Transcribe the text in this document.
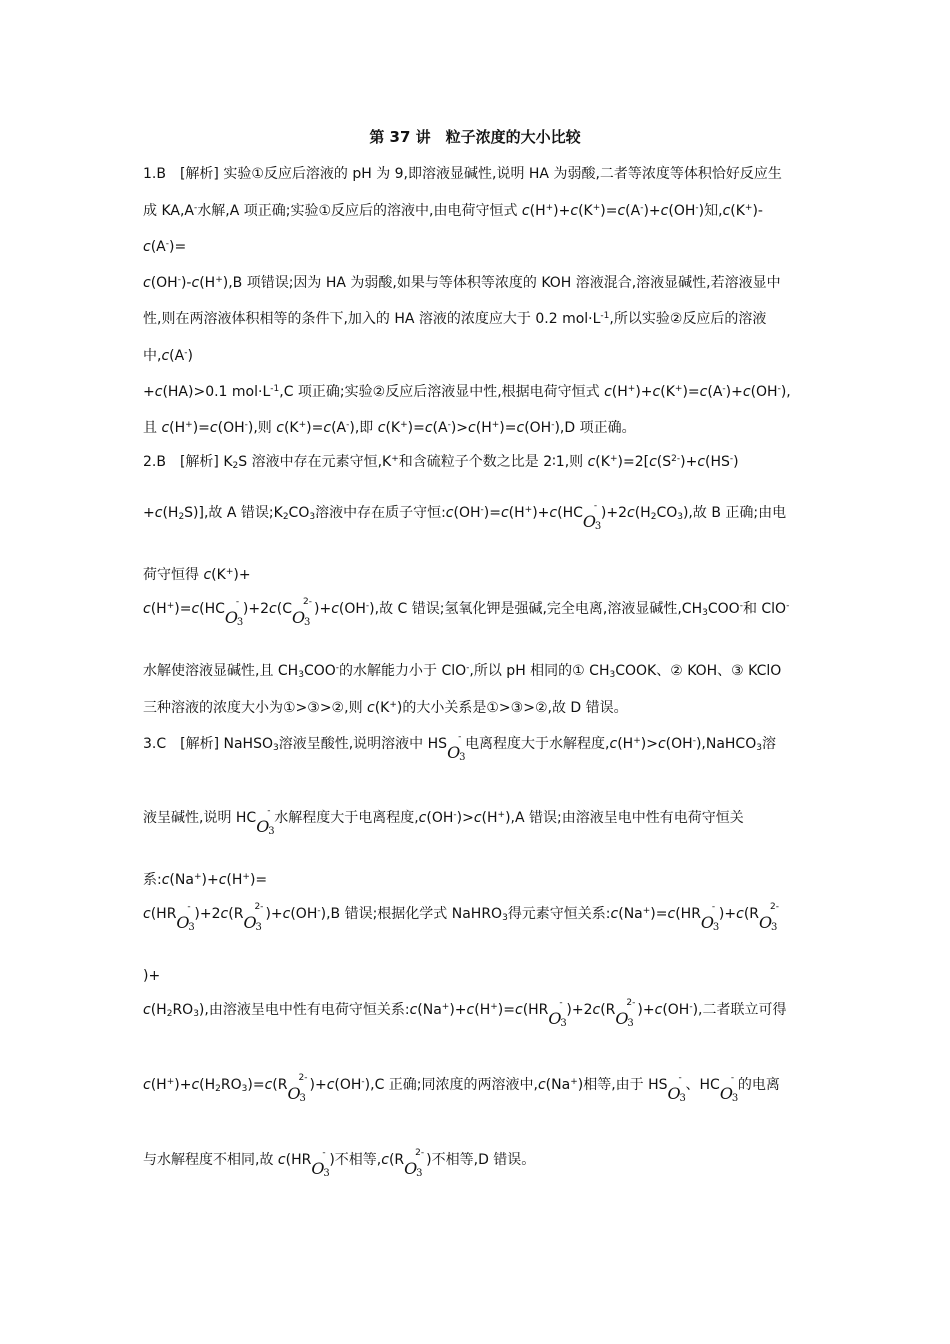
第 37 讲　粒子浓度的大小比较
1.B　[解析] 实验①反应后溶液的 pH 为 9,即溶液显碱性,说明 HA 为弱酸,二者等浓度等体积恰好反应生
成 KA,A-水解,A 项正确;实验①反应后的溶液中,由电荷守恒式 c(H+)+c(K+)=c(A-)+c(OH-)知,c(K+)-
c(A-)=
c(OH-)-c(H+),B 项错误;因为 HA 为弱酸,如果与等体积等浓度的 KOH 溶液混合,溶液显碱性,若溶液显中
性,则在两溶液体积相等的条件下,加入的 HA 溶液的浓度应大于 0.2 $mol\cdot L^{-1}$,所以实验②反应后的溶液
中,c(A-)
+c(HA)>0.1 $mol\cdot L^{-1},C$ 项正确;实验②反应后溶液显中性,根据电荷守恒式 c(H+)+c(K+)=c(A-)+c(OH-),
且 c(H+)=c(OH-),则 c(K+)=c(A-),即 c(K+)=c(A-)>c(H+)=c(OH-),D 项正确。
2.B　[解析] $K_2S$ 溶液中存在元素守恒,K+和含硫粒子个数之比是 2∶1,则 $c(K^+)=2[c(S^{2-})+c(HS^-)$
$+c(H_2S)$],故 A 错误$;K_2CO_3$溶液中存在质子守恒:c(OH-)=c(H+)+c(HC O
-
3
)$+2c(H_2CO_3)$,故 B 正确;由电
荷守恒得 c(K+)+
c(H+)=c(HC O
-
3
)+2c(C O
2-
3
)+c(OH-),故 C 错误;氢氧化钾是强碱,完全电离,溶液显碱性$,CH_3COO^-$和 ClO-
水解使溶液显碱性,且 $CH_3COO^-$的水解能力小于 ClO-,所以 pH 相同的① $CH_3COOK$、② KOH、③ KClO
三种溶液的浓度大小为①>③>②,则 c(K+)的大小关系是①>③>②,故 D 错误。
3.C　[解析] NaHSO$_3$溶液呈酸性,说明溶液中 HS O
-
3
电离程度大于水解程度,c(H+)>c(OH-),NaHCO$_3$溶
液呈碱性,说明 HC O
-
3
水解程度大于电离程度,c(OH-)>c(H+),A 错误;由溶液呈电中性有电荷守恒关
系:c(Na+)+c(H+)=
c(HR O
-
3
)+2c(R O
2-
3
)+c(OH-),B 错误;根据化学式 NaHRO$_3$得元素守恒关系:c(Na+)=c(HR O
-
3
)+c(R O
2-
3
)+
$c(H_2RO_3)$,由溶液呈电中性有电荷守恒关系:c(Na+)+c(H+)=c(HR O
-
3
)+2c(R O
2-
3
)+c(OH-),二者联立可得
$c(H^+)+c(H_2RO_3)=c(R$ O
2-
3
)+c(OH-),C 正确;同浓度的两溶液中,c(Na+)相等,由于 HS O
-
3
、HC O
-
3
的电离
与水解程度不相同,故 c(HR O
-
3
)不相等,c(R O
2-
3
)不相等,D 错误。
